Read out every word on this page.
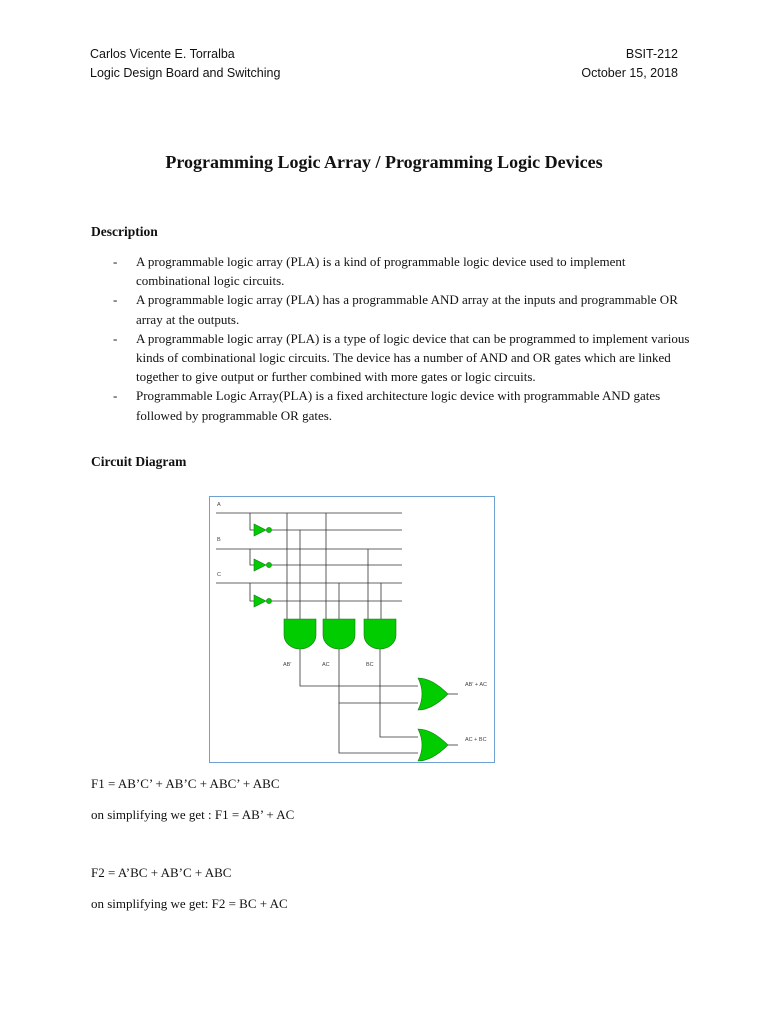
Carlos Vicente E. Torralba
Logic Design Board and Switching
BSIT-212
October 15, 2018
Programming Logic Array / Programming Logic Devices
Description
- A programmable logic array (PLA) is a kind of programmable logic device used to implement combinational logic circuits.
- A programmable logic array (PLA) has a programmable AND array at the inputs and programmable OR array at the outputs.
- A programmable logic array (PLA) is a type of logic device that can be programmed to implement various kinds of combinational logic circuits. The device has a number of AND and OR gates which are linked together to give output or further combined with more gates or logic circuits.
- Programmable Logic Array(PLA) is a fixed architecture logic device with programmable AND gates followed by programmable OR gates.
Circuit Diagram
A
B
C
AB'	AC	BC
AB' + AC
AC + BC
F1 = AB’C’ + AB’C + ABC’ + ABC
on simplifying we get : F1 = AB’ + AC
F2 = A’BC + AB’C + ABC
on simplifying we get: F2 = BC + AC
